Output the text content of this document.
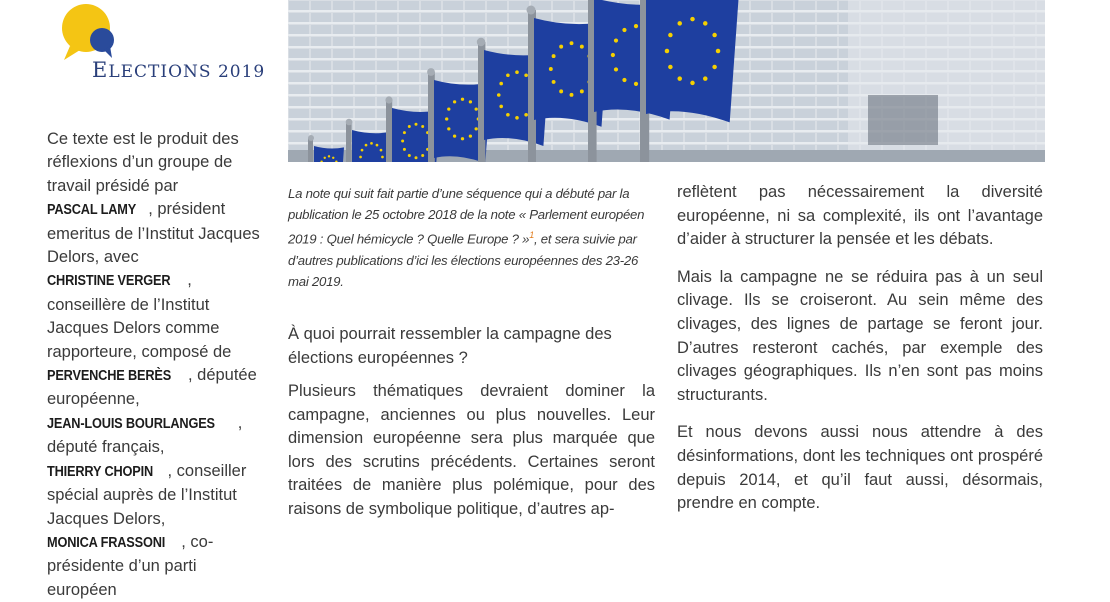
ELECTIONS 2019
Ce texte est le produit des réflexions d’un groupe de travail présidé par PASCAL LAMY , président emeritus de l’Institut Jacques Delors, avec CHRISTINE VERGER , conseillère de l’Institut Jacques Delors comme rapporteure, composé de PERVENCHE BERÈS , députée européenne, JEAN-LOUIS BOURLANGES , député français, THIERRY CHOPIN , conseiller spécial auprès de l’Institut Jacques Delors, MONICA FRASSONI , co-présidente d’un parti européen
La note qui suit fait partie d’une séquence qui a débuté par la publication le 25 octobre 2018 de la note « Parlement européen 2019 : Quel hémicycle ? Quelle Europe ? »$^1$, et sera suivie par d’autres publications d’ici les élections européennes des 23-26 mai 2019.

À quoi pourrait ressembler la campagne des élections européennes ?

Plusieurs thématiques devraient dominer la campagne, anciennes ou plus nouvelles. Leur dimension européenne sera plus marquée que lors des scrutins précédents. Certaines seront traitées de manière plus polémique, pour des raisons de symbolique politique, d’autres ap-

reflètent pas nécessairement la diversité européenne, ni sa complexité, ils ont l’avantage d’aider à structurer la pensée et les débats.

Mais la campagne ne se réduira pas à un seul clivage. Ils se croiseront. Au sein même des clivages, des lignes de partage se feront jour. D’autres resteront cachés, par exemple des clivages géographiques. Ils n’en sont pas moins structurants.

Et nous devons aussi nous attendre à des désinformations, dont les techniques ont prospéré depuis 2014, et qu’il faut aussi, désormais, prendre en compte.
